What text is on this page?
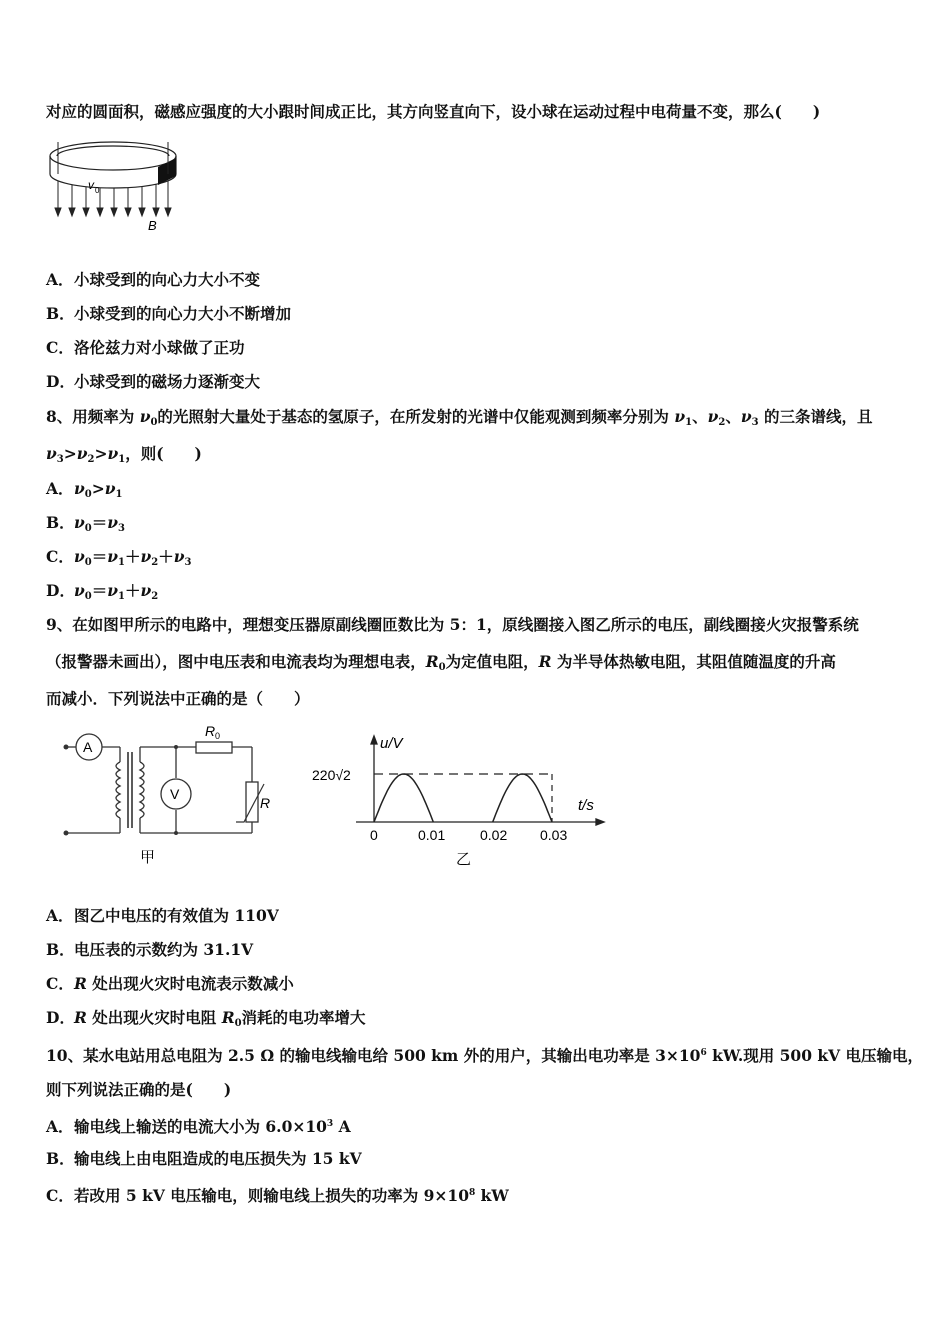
对应的圆面积，磁感应强度的大小跟时间成正比，其方向竖直向下，设小球在运动过程中电荷量不变，那么(　　)
v 0
B
A．小球受到的向心力大小不变
B．小球受到的向心力大小不断增加
C．洛伦兹力对小球做了正功
D．小球受到的磁场力逐渐变大
8、用频率为 $\nu_0$的光照射大量处于基态的氢原子，在所发射的光谱中仅能观测到频率分别为 $\nu_1$、$\nu_2$、$\nu_3$ 的三条谱线，且
$\nu_3>\nu_2>\nu_1$，则(　　)
A．$\nu_0>\nu_1$
B．$\nu_0=\nu_3$
C．$\nu_0=\nu_1+\nu_2+\nu_3$
D．$\nu_0=\nu_1+\nu_2$
9、在如图甲所示的电路中，理想变压器原副线圈匝数比为 5：1，原线圈接入图乙所示的电压，副线圈接火灾报警系统
（报警器未画出），图中电压表和电流表均为理想电表，$R_0$为定值电阻，R 为半导体热敏电阻，其阻值随温度的升高
而减小．下列说法中正确的是（　　）
A
V
R 0
R
甲
u/V
t/s
220√2
0	0.01 0.02 0.03
乙
A．图乙中电压的有效值为 110V
B．电压表的示数约为 31.1V
C．R 处出现火灾时电流表示数减小
D．R 处出现火灾时电阻 $R_0$消耗的电功率增大
10、某水电站用总电阻为 2.5 Ω 的输电线输电给 500 km 外的用户，其输出电功率是 $3\times 10^6$ kW.现用 500 kV 电压输电，
则下列说法正确的是(　　)
A．输电线上输送的电流大小为 $6.0\times 10^3$ A
B．输电线上由电阻造成的电压损失为 15 kV
C．若改用 5 kV 电压输电，则输电线上损失的功率为 $9\times 10^8$ kW
